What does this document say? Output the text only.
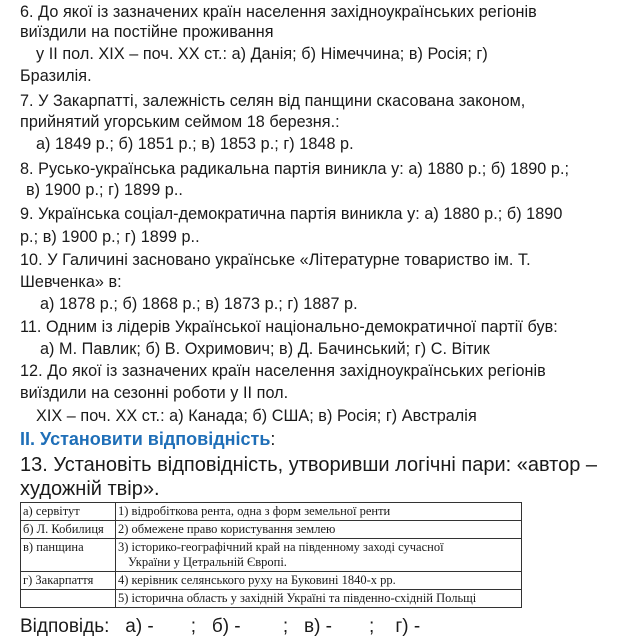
6. До якої із зазначених країн населення західноукраїнських регіонів
виїздили на постійне проживання
у ІІ пол. ХІХ – поч. ХХ ст.: а) Данія; б) Німеччина; в) Росія; г)
Бразилія.
7. У Закарпатті, залежність селян від панщини скасована законом,
прийнятий угорським сеймом 18 березня.:
а) 1849 р.; б) 1851 р.; в) 1853 р.; г) 1848 р.
8. Русько-українська радикальна партія виникла у: а) 1880 р.; б) 1890 р.;
в) 1900 р.; г) 1899 р..
9. Українська соціал-демократична партія виникла у: а) 1880 р.; б) 1890
р.; в) 1900 р.; г) 1899 р..
10. У Галичині засновано українське «Літературне товариство ім. Т.
Шевченка» в:
а) 1878 р.; б) 1868 р.; в) 1873 р.; г) 1887 р.
11. Одним із лідерів Української національно-демократичної партії був:
а) М. Павлик; б) В. Охримович; в) Д. Бачинський; г) С. Вітик
12. До якої із зазначених країн населення західноукраїнських регіонів
виїздили на сезонні роботи у ІІ пол.
ХІХ – поч. ХХ ст.: а) Канада; б) США; в) Росія; г) Австралія
ІІ. Установити відповідність:
13. Установіть відповідність, утворивши логічні пари: «автор –
художній твір».
а) сервітут	1) відробіткова рента, одна з форм земельної ренти
б) Л. Кобилиця	2) обмежене право користування землею
в) панщина	3) історико-географічний край на південному заході сучасної
України у Цетральній Європі.

г) Закарпаття	4) керівник селянського руху на Буковині 1840-х рр.
	5) історична область у західній Україні та південно-східній Польщі
Відповідь:   а) -       ;   б) -        ;   в) -       ;    г) -
